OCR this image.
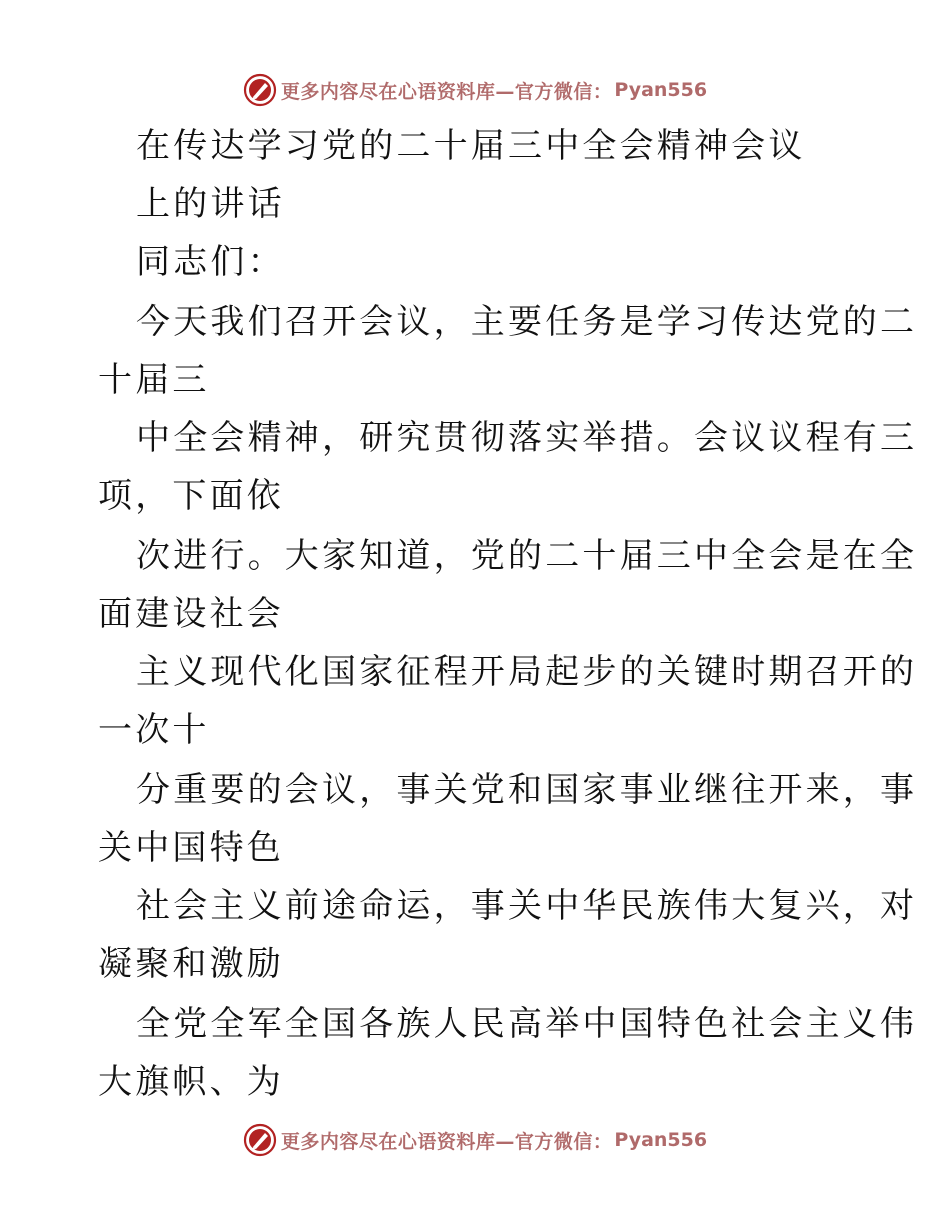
更多内容尽在心语资料库—官方微信： Pyan556

在传达学习党的二十届三中全会精神会议

上的讲话

同志们：

今天我们召开会议，主要任务是学习传达党的二

十届三

中全会精神，研究贯彻落实举措。会议议程有三

项，下面依

次进行。大家知道，党的二十届三中全会是在全

面建设社会

主义现代化国家征程开局起步的关键时期召开的

一次十

分重要的会议，事关党和国家事业继往开来，事

关中国特色

社会主义前途命运，事关中华民族伟大复兴，对

凝聚和激励

全党全军全国各族人民高举中国特色社会主义伟

大旗帜、为

更多内容尽在心语资料库—官方微信： Pyan556
